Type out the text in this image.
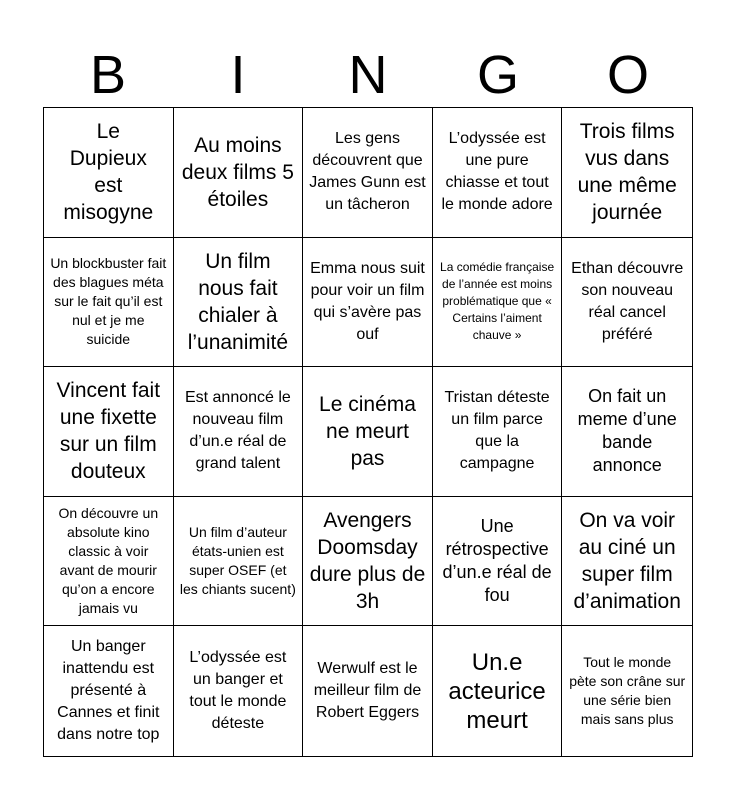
B	I	N	G	O
Le Dupieux est misogyne
Au moins deux films 5 étoiles
Les gens découvrent que James Gunn est un tâcheron
L’odyssée est une pure chiasse et tout le monde adore
Trois films vus dans une même journée
Un blockbuster fait des blagues méta sur le fait qu’il est nul et je me suicide
Un film nous fait chialer à l’unanimité
Emma nous suit pour voir un film qui s’avère pas ouf
La comédie française de l’année est moins problématique que « Certains l’aiment chauve »
Ethan découvre son nouveau réal cancel préféré
Vincent fait une fixette sur un film douteux
Est annoncé le nouveau film d’un.e réal de grand talent
Le cinéma ne meurt pas
Tristan déteste un film parce que la campagne
On fait un meme d’une bande annonce
On découvre un absolute kino classic à voir avant de mourir qu’on a encore jamais vu
Un film d’auteur états-unien est super OSEF (et les chiants sucent)
Avengers Doomsday dure plus de 3h
Une rétrospective d’un.e réal de fou
On va voir au ciné un super film d’animation
Un banger inattendu est présenté à Cannes et finit dans notre top
L’odyssée est un banger et tout le monde déteste
Werwulf est le meilleur film de Robert Eggers
Un.e acteurice meurt
Tout le monde pète son crâne sur une série bien mais sans plus
